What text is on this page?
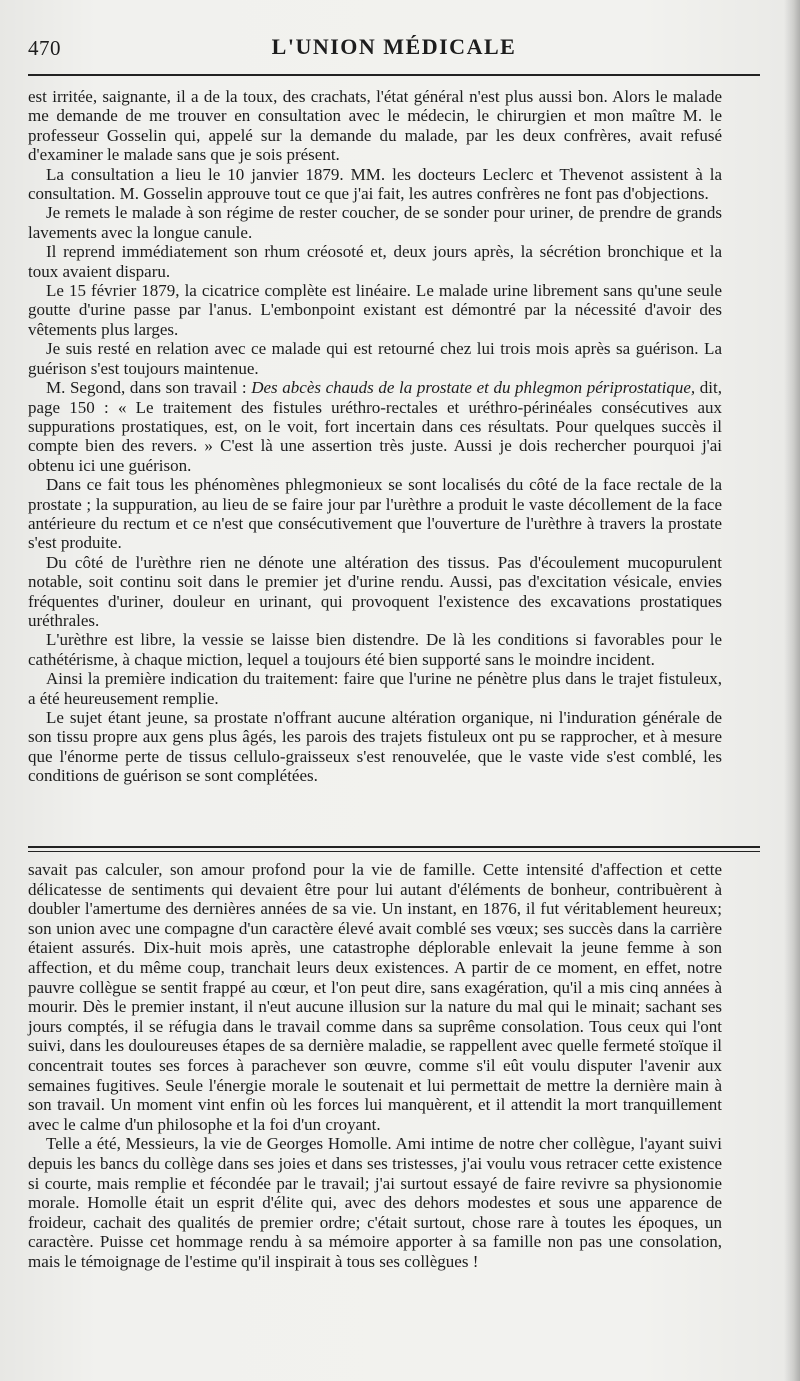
470	L'UNION MÉDICALE

est irritée, saignante, il a de la toux, des crachats, l'état général n'est plus aussi bon. Alors le malade me demande de me trouver en consultation avec le médecin, le chirurgien et mon maître M. le professeur Gosselin qui, appelé sur la demande du malade, par les deux confrères, avait refusé d'examiner le malade sans que je sois présent.

La consultation a lieu le 10 janvier 1879. MM. les docteurs Leclerc et Thevenot assistent à la consultation. M. Gosselin approuve tout ce que j'ai fait, les autres confrères ne font pas d'objections.

Je remets le malade à son régime de rester coucher, de se sonder pour uriner, de prendre de grands lavements avec la longue canule.

Il reprend immédiatement son rhum créosoté et, deux jours après, la sécrétion bronchique et la toux avaient disparu.

Le 15 février 1879, la cicatrice complète est linéaire. Le malade urine librement sans qu'une seule goutte d'urine passe par l'anus. L'embonpoint existant est démontré par la nécessité d'avoir des vêtements plus larges.

Je suis resté en relation avec ce malade qui est retourné chez lui trois mois après sa guérison. La guérison s'est toujours maintenue.

M. Segond, dans son travail : Des abcès chauds de la prostate et du phlegmon périprostatique, dit, page 150 : « Le traitement des fistules uréthro-rectales et uréthro-périnéales consécutives aux suppurations prostatiques, est, on le voit, fort incertain dans ces résultats. Pour quelques succès il compte bien des revers. » C'est là une assertion très juste. Aussi je dois rechercher pourquoi j'ai obtenu ici une guérison.

Dans ce fait tous les phénomènes phlegmonieux se sont localisés du côté de la face rectale de la prostate ; la suppuration, au lieu de se faire jour par l'urèthre a produit le vaste décollement de la face antérieure du rectum et ce n'est que consécutivement que l'ouverture de l'urèthre à travers la prostate s'est produite.

Du côté de l'urèthre rien ne dénote une altération des tissus. Pas d'écoulement mucopurulent notable, soit continu soit dans le premier jet d'urine rendu. Aussi, pas d'excitation vésicale, envies fréquentes d'uriner, douleur en urinant, qui provoquent l'existence des excavations prostatiques uréthrales.

L'urèthre est libre, la vessie se laisse bien distendre. De là les conditions si favorables pour le cathétérisme, à chaque miction, lequel a toujours été bien supporté sans le moindre incident.

Ainsi la première indication du traitement: faire que l'urine ne pénètre plus dans le trajet fistuleux, a été heureusement remplie.

Le sujet étant jeune, sa prostate n'offrant aucune altération organique, ni l'induration générale de son tissu propre aux gens plus âgés, les parois des trajets fistuleux ont pu se rapprocher, et à mesure que l'énorme perte de tissus cellulo-graisseux s'est renouvelée, que le vaste vide s'est comblé, les conditions de guérison se sont complétées.

savait pas calculer, son amour profond pour la vie de famille. Cette intensité d'affection et cette délicatesse de sentiments qui devaient être pour lui autant d'éléments de bonheur, contribuèrent à doubler l'amertume des dernières années de sa vie. Un instant, en 1876, il fut véritablement heureux; son union avec une compagne d'un caractère élevé avait comblé ses vœux; ses succès dans la carrière étaient assurés. Dix-huit mois après, une catastrophe déplorable enlevait la jeune femme à son affection, et du même coup, tranchait leurs deux existences. A partir de ce moment, en effet, notre pauvre collègue se sentit frappé au cœur, et l'on peut dire, sans exagération, qu'il a mis cinq années à mourir. Dès le premier instant, il n'eut aucune illusion sur la nature du mal qui le minait; sachant ses jours comptés, il se réfugia dans le travail comme dans sa suprême consolation. Tous ceux qui l'ont suivi, dans les douloureuses étapes de sa dernière maladie, se rappellent avec quelle fermeté stoïque il concentrait toutes ses forces à parachever son œuvre, comme s'il eût voulu disputer l'avenir aux semaines fugitives. Seule l'énergie morale le soutenait et lui permettait de mettre la dernière main à son travail. Un moment vint enfin où les forces lui manquèrent, et il attendit la mort tranquillement avec le calme d'un philosophe et la foi d'un croyant.

Telle a été, Messieurs, la vie de Georges Homolle. Ami intime de notre cher collègue, l'ayant suivi depuis les bancs du collège dans ses joies et dans ses tristesses, j'ai voulu vous retracer cette existence si courte, mais remplie et fécondée par le travail; j'ai surtout essayé de faire revivre sa physionomie morale. Homolle était un esprit d'élite qui, avec des dehors modestes et sous une apparence de froideur, cachait des qualités de premier ordre; c'était surtout, chose rare à toutes les époques, un caractère. Puisse cet hommage rendu à sa mémoire apporter à sa famille non pas une consolation, mais le témoignage de l'estime qu'il inspirait à tous ses collègues !
